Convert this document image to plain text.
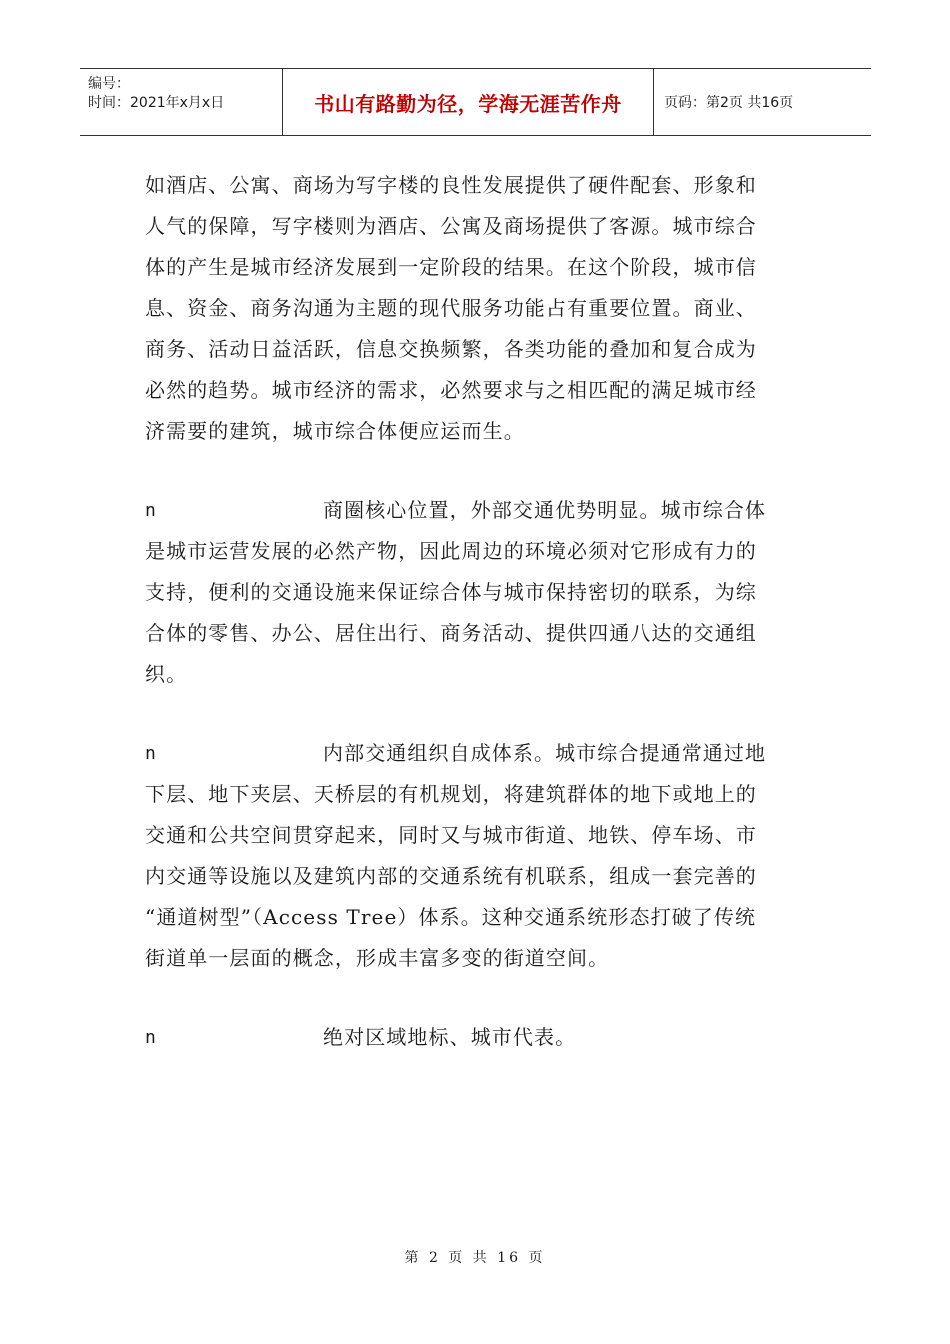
编号：
时间：2021年x月x日	书山有路勤为径，学海无涯苦作舟	页码：第2页 共16页

如酒店、公寓、商场为写字楼的良性发展提供了硬件配套、形象和

人气的保障，写字楼则为酒店、公寓及商场提供了客源。城市综合

体的产生是城市经济发展到一定阶段的结果。在这个阶段，城市信

息、资金、商务沟通为主题的现代服务功能占有重要位置。商业、

商务、活动日益活跃，信息交换频繁，各类功能的叠加和复合成为

必然的趋势。城市经济的需求，必然要求与之相匹配的满足城市经

济需要的建筑，城市综合体便应运而生。

n	商圈核心位置，外部交通优势明显。城市综合体

是城市运营发展的必然产物，因此周边的环境必须对它形成有力的

支持，便利的交通设施来保证综合体与城市保持密切的联系，为综

合体的零售、办公、居住出行、商务活动、提供四通八达的交通组

织。

n	内部交通组织自成体系。城市综合提通常通过地

下层、地下夹层、天桥层的有机规划，将建筑群体的地下或地上的

交通和公共空间贯穿起来，同时又与城市街道、地铁、停车场、市

内交通等设施以及建筑内部的交通系统有机联系，组成一套完善的

“通道树型”（Access Tree）体系。这种交通系统形态打破了传统

街道单一层面的概念，形成丰富多变的街道空间。

n	绝对区域地标、城市代表。
第 2 页 共 16 页
